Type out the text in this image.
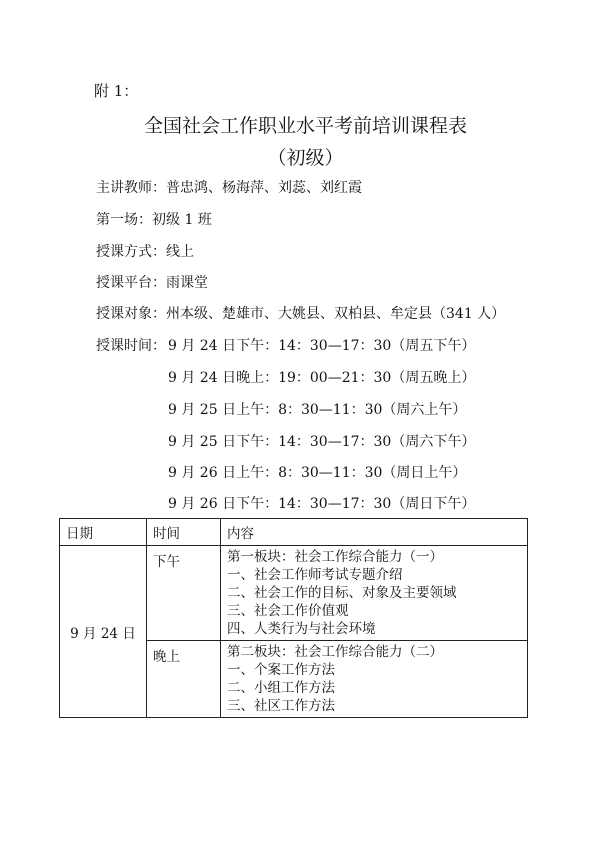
附 1：
全国社会工作职业水平考前培训课程表
（初级）
主讲教师：普忠鸿、杨海萍、刘蕊、刘红霞
第一场：初级 1 班
授课方式：线上
授课平台：雨课堂
授课对象：州本级、楚雄市、大姚县、双柏县、牟定县（341 人）
授课时间： 9 月 24 日下午：14：30—17：30（周五下午）
9 月 24 日晚上：19：00—21：30（周五晚上）
9 月 25 日上午：8：30—11：30（周六上午）
9 月 25 日下午：14：30—17：30（周六下午）
9 月 26 日上午：8：30—11：30（周日上午）
9 月 26 日下午：14：30—17：30（周日下午）
日期	时间	内容
9 月 24 日	下午	第一板块：社会工作综合能力（一）
一、社会工作师考试专题介绍
二、社会工作的目标、对象及主要领域
三、社会工作价值观
四、人类行为与社会环境

	晚上	第二板块：社会工作综合能力（二）
一、个案工作方法
二、小组工作方法
三、社区工作方法
